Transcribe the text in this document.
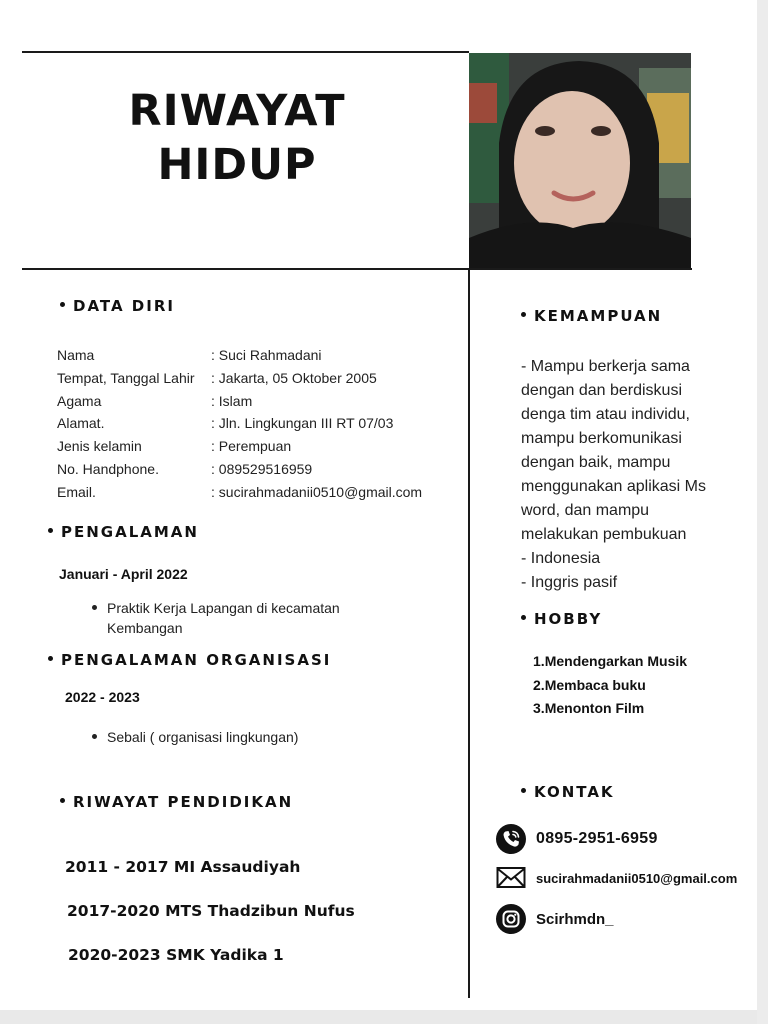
RIWAYAT
HIDUP
DATA DIRI
Nama	: Suci Rahmadani
Tempat, Tanggal Lahir	: Jakarta, 05 Oktober 2005
Agama	: Islam
Alamat.	: Jln. Lingkungan III RT 07/03
Jenis kelamin	: Perempuan
No. Handphone.	: 089529516959
Email.	: sucirahmadanii0510@gmail.com
PENGALAMAN
Januari - April 2022
Praktik Kerja Lapangan di kecamatan Kembangan
PENGALAMAN ORGANISASI
2022 - 2023
Sebali ( organisasi lingkungan)
RIWAYAT PENDIDIKAN
2011 - 2017 MI Assaudiyah
2017-2020 MTS Thadzibun Nufus
2020-2023 SMK Yadika 1
KEMAMPUAN
- Mampu berkerja sama
dengan dan berdiskusi
denga tim atau individu,
mampu berkomunikasi
dengan baik, mampu
menggunakan aplikasi Ms
word, dan mampu
melakukan pembukuan
- Indonesia
- Inggris pasif
HOBBY
1. Mendengarkan Musik
2. Membaca buku
3. Menonton Film
KONTAK
0895-2951-6959
sucirahmadanii0510@gmail.com
Scirhmdn_
